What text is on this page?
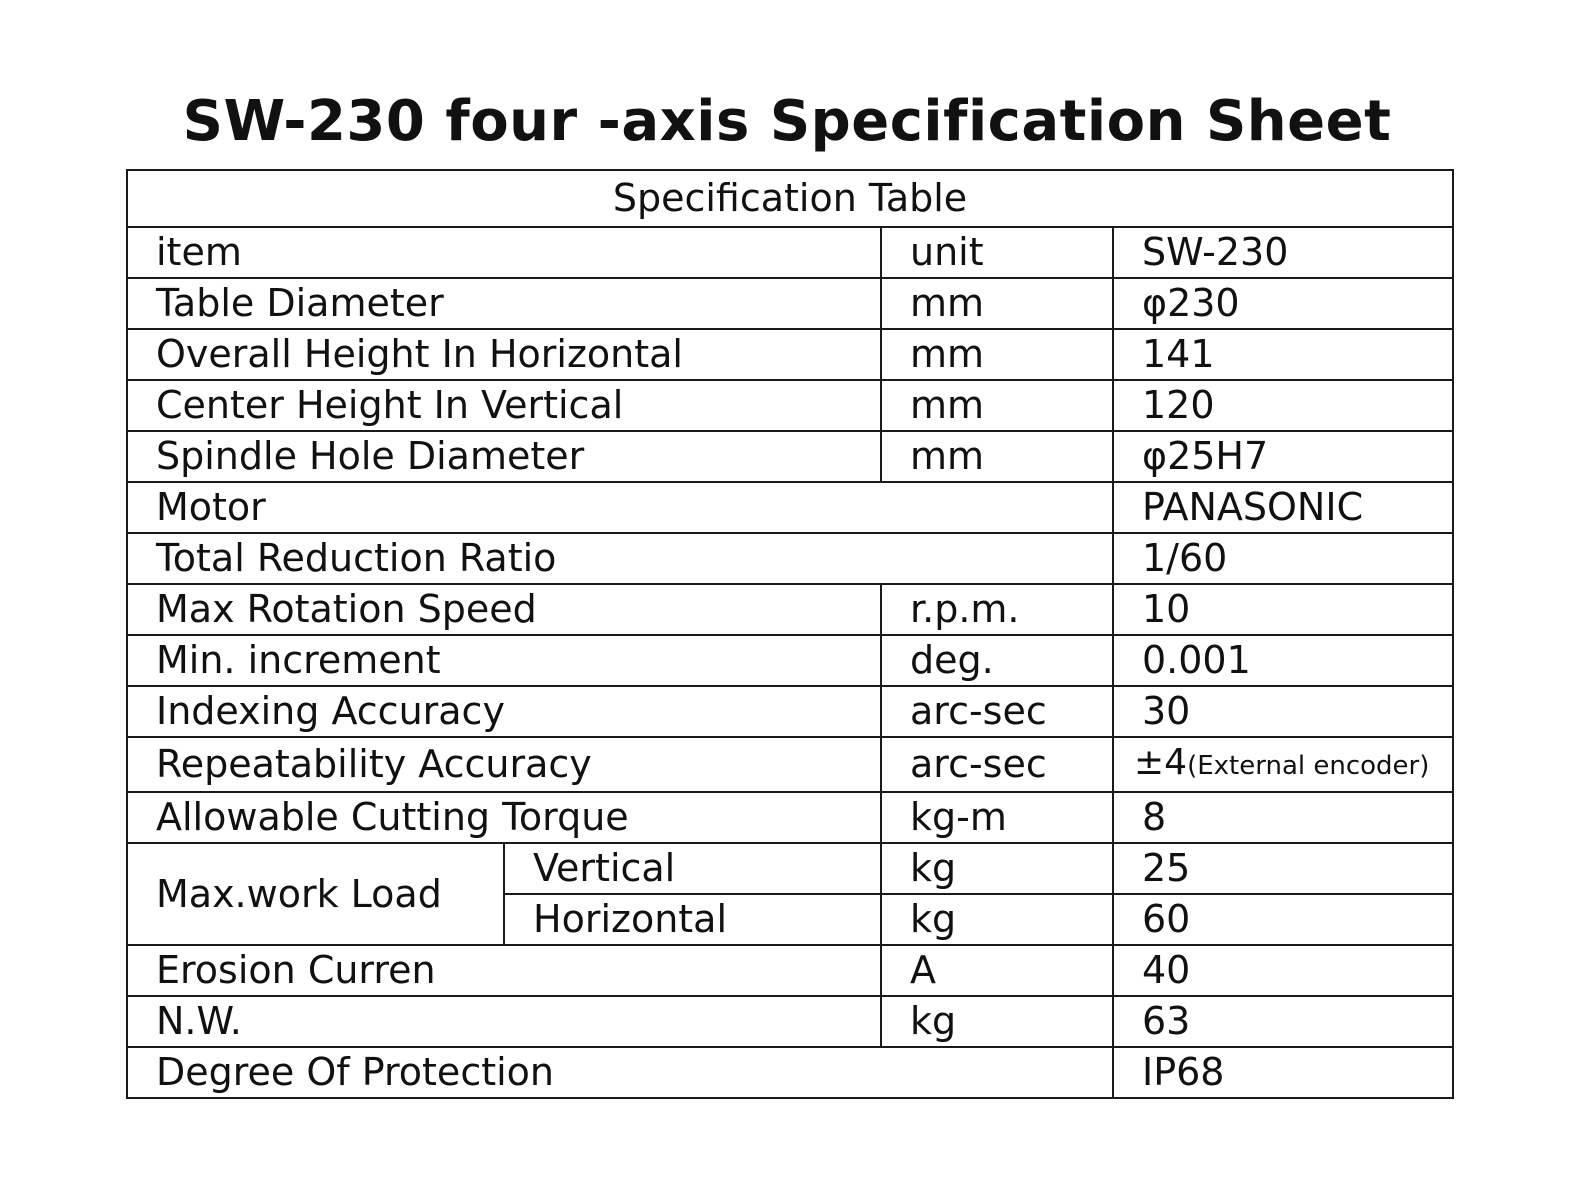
SW-230 four -axis Specification Sheet
Specification Table			
item		unit	SW-230
Table Diameter		mm	φ230
Overall Height In Horizontal		mm	141
Center Height In Vertical		mm	120
Spindle Hole Diameter		mm	φ25H7
Motor			PANASONIC
Total Reduction Ratio			1/60
Max Rotation Speed		r.p.m.	10
Min. increment		deg.	0.001
Indexing Accuracy		arc-sec	30
Repeatability Accuracy		arc-sec	±4(External encoder)
Allowable Cutting Torque		kg-m	8
Max.work Load	Vertical	kg	25
	Horizontal	kg	60
Erosion Curren		A	40
N.W.		kg	63
Degree Of Protection			IP68
